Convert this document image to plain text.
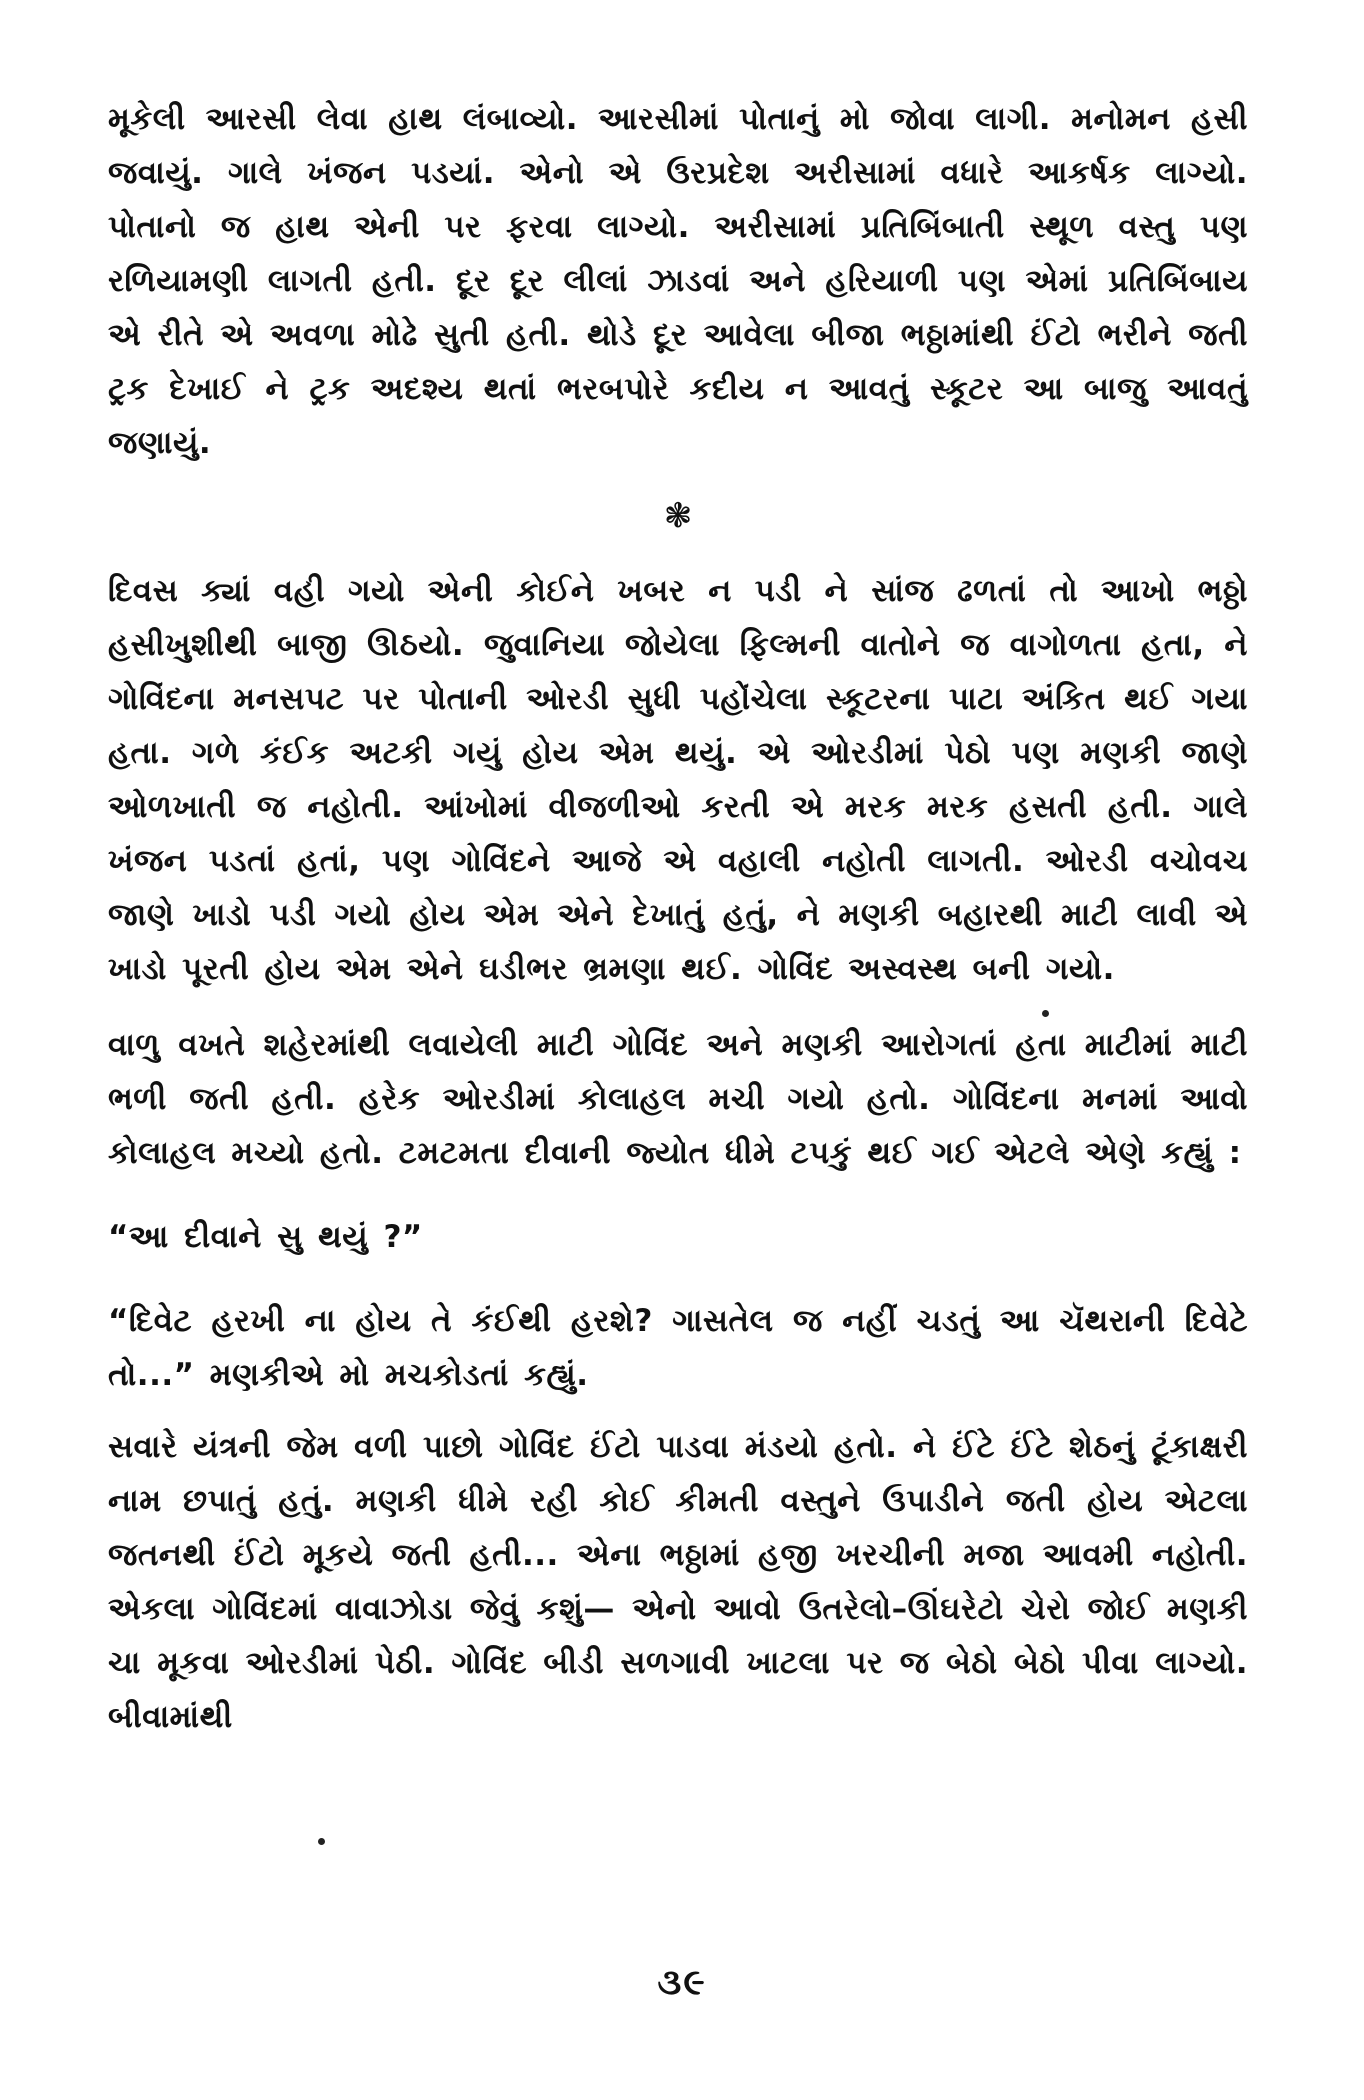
મૂકેલી આરસી લેવા હાથ લંબાવ્યો. આરસીમાં પોતાનું મો જોવા લાગી. મનોમન હસી જવાયું. ગાલે ખંજન પડયાં. એનો એ ઉરપ્રદેશ અરીસામાં વધારે આકર્ષક લાગ્યો. પોતાનો જ હાથ એની પર ફરવા લાગ્યો. અરીસામાં પ્રતિબિંબાતી સ્થૂળ વસ્તુ પણ રળિયામણી લાગતી હતી. દૂર દૂર લીલાં ઝાડવાં અને હરિયાળી પણ એમાં પ્રતિબિંબાય એ રીતે એ અવળા મોઢે સુતી હતી. થોડે દૂર આવેલા બીજા ભઠ્ઠામાંથી ઈંટો ભરીને જતી ટ્રક દેખાઈ ને ટ્રક અદશ્ય થતાં ભરબપોરે કદીય ન આવતું સ્કૂટર આ બાજુ આવતું જણાયું.

❃

દિવસ ક્યાં વહી ગયો એની કોઈને ખબર ન પડી ને સાંજ ઢળતાં તો આખો ભઠ્ઠો હસીખુશીથી બાજી ઊઠયો. જુવાનિયા જોયેલા ફિલ્મની વાતોને જ વાગોળતા હતા, ને ગોવિંદના મનસપટ પર પોતાની ઓરડી સુધી પહોંચેલા સ્કૂટરના પાટા અંકિત થઈ ગયા હતા. ગળે કંઈક અટકી ગયું હોય એમ થયું. એ ઓરડીમાં પેઠો પણ મણકી જાણે ઓળખાતી જ નહોતી. આંખોમાં વીજળીઓ કરતી એ મરક મરક હસતી હતી. ગાલે ખંજન પડતાં હતાં, પણ ગોવિંદને આજે એ વહાલી નહોતી લાગતી. ઓરડી વચોવચ જાણે ખાડો પડી ગયો હોય એમ એને દેખાતું હતું, ને મણકી બહારથી માટી લાવી એ ખાડો પૂરતી હોય એમ એને ઘડીભર ભ્રમણા થઈ. ગોવિંદ અસ્વસ્થ બની ગયો.

વાળુ વખતે શહેરમાંથી લવાયેલી માટી ગોવિંદ અને મણકી આરોગતાં હતા માટીમાં માટી ભળી જતી હતી. હરેક ઓરડીમાં કોલાહલ મચી ગયો હતો. ગોવિંદના મનમાં આવો કોલાહલ મચ્યો હતો. ટમટમતા દીવાની જ્યોત ધીમે ટપકું થઈ ગઈ એટલે એણે કહ્યું :

“આ દીવાને સુ થયું ?”

“દિવેટ હરખી ના હોય તે કંઈથી હરશે? ગાસતેલ જ નહીં ચડતું આ ચૅથરાની દિવેટે તો...” મણકીએ મો મચકોડતાં કહ્યું.

સવારે યંત્રની જેમ વળી પાછો ગોવિંદ ઈંટો પાડવા મંડયો હતો. ને ઈંટે ઈંટે શેઠનું ટૂંકાક્ષરી નામ છપાતું હતું. મણકી ધીમે રહી કોઈ કીમતી વસ્તુને ઉપાડીને જતી હોય એટલા જતનથી ઈંટો મૂકયે જતી હતી... એના ભઠ્ઠામાં હજી ખરચીની મજા આવમી નહોતી. એકલા ગોવિંદમાં વાવાઝોડા જેવું કશું— એનો આવો ઉતરેલો–ઊંઘરેટો ચેરો જોઈ મણકી ચા મૂકવા ઓરડીમાં પેઠી. ગોવિંદ બીડી સળગાવી ખાટલા પર જ બેઠો બેઠો પીવા લાગ્યો. બીવામાંથી

૩૯
